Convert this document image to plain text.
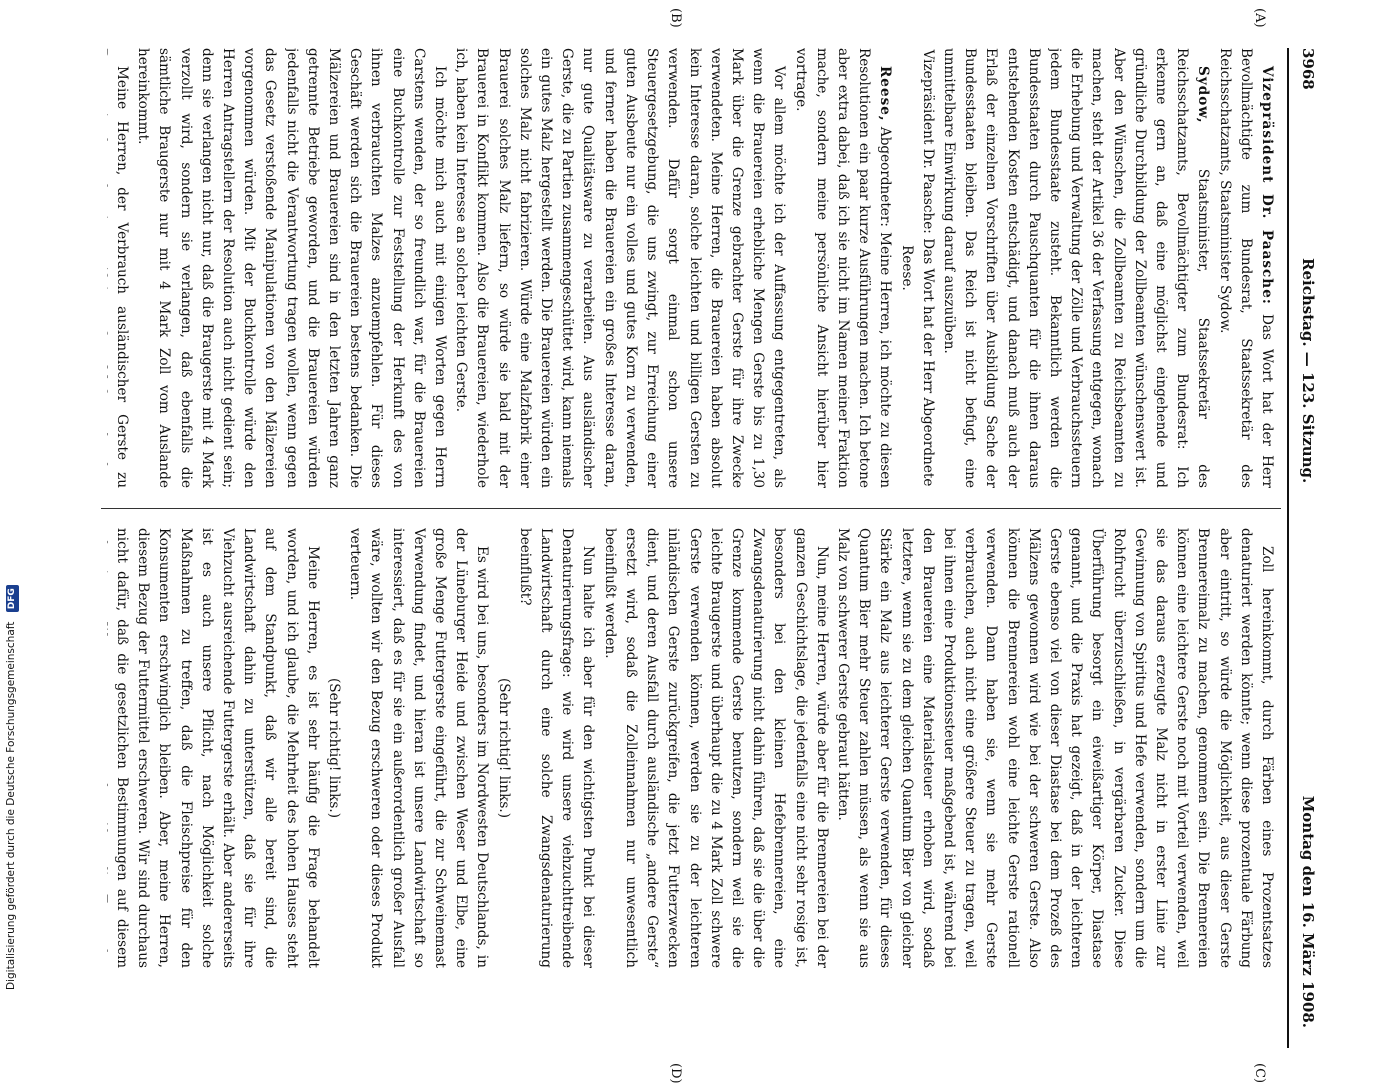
3968
Reichstag. — 123. Sitzung.
Montag den 16. März 1908.
(A)
(B)
(C)
(D)

Vizepräsident Dr. Paasche: Das Wort hat der Herr Bevollmächtigte zum Bundesrat, Staatssekretär des Reichsschatzamts, Staatsminister Sydow.

Sydow, Staatsminister, Staatssekretär des Reichsschatzamts, Bevollmächtigter zum Bundesrat: Ich erkenne gern an, daß eine möglichst eingehende und gründliche Durchbildung der Zollbeamten wünschenswert ist. Aber den Wünschen, die Zollbeamten zu Reichsbeamten zu machen, steht der Artikel 36 der Verfassung entgegen, wonach die Erhebung und Verwaltung der Zölle und Verbrauchssteuern jedem Bundesstaate zusteht. Bekanntlich werden die Bundesstaaten durch Pauschquanten für die ihnen daraus entstehenden Kosten entschädigt, und danach muß auch der Erlaß der einzelnen Vorschriften über Ausbildung Sache der Bundesstaaten bleiben. Das Reich ist nicht befugt, eine unmittelbare Einwirkung darauf auszuüben.

Vizepräsident Dr. Paasche: Das Wort hat der Herr Abgeordnete Reese.

Reese, Abgeordneter: Meine Herren, ich möchte zu diesen Resolutionen ein paar kurze Ausführungen machen. Ich betone aber extra dabei, daß ich sie nicht im Namen meiner Fraktion mache, sondern meine persönliche Ansicht hierüber hier vortrage.

Vor allem möchte ich der Auffassung entgegentreten, als wenn die Brauereien erhebliche Mengen Gerste bis zu 1,30 Mark über die Grenze gebrachter Gerste für ihre Zwecke verwendeten. Meine Herren, die Brauereien haben absolut kein Interesse daran, solche leichten und billigen Gersten zu verwenden. Dafür sorgt einmal schon unsere Steuergesetzgebung, die uns zwingt, zur Erreichung einer guten Ausbeute nur ein volles und gutes Korn zu verwenden, und ferner haben die Brauereien ein großes Interesse daran, nur gute Qualitätsware zu verarbeiten. Aus ausländischer Gerste, die zu Partien zusammengeschüttet wird, kann niemals ein gutes Malz hergestellt werden. Die Brauereien würden ein solches Malz nicht fabrizieren. Würde eine Malzfabrik einer Brauerei solches Malz liefern, so würde sie bald mit der Brauerei in Konflikt kommen. Also die Brauereien, wiederhole ich, haben kein Interesse an solcher leichten Gerste.

Ich möchte mich auch mit einigen Worten gegen Herrn Carstens wenden, der so freundlich war, für die Brauereien eine Buchkontrolle zur Feststellung der Herkunft des von ihnen verbrauchten Malzes anzuempfehlen. Für dieses Geschäft werden sich die Brauereien bestens bedanken. Die Mälzereien und Brauereien sind in den letzten Jahren ganz getrennte Betriebe geworden, und die Brauereien würden jedenfalls nicht die Verantwortung tragen wollen, wenn gegen das Gesetz verstoßende Manipulationen von den Mälzereien vorgenommen würden. Mit der Buchkontrolle würde den Herren Antragstellern der Resolution auch nicht gedient sein; denn sie verlangen nicht nur, daß die Braugerste mit 4 Mark verzollt wird, sondern sie verlangen, daß ebenfalls die sämtliche Braugerste nur mit 4 Mark Zoll vom Auslande hereinkommt.

Meine Herren, der Verbrauch ausländischer Gerste zu

Zoll hereinkommt, durch Färben eines Prozentsatzes denaturiert werden könnte; wenn diese prozentuale Färbung aber eintritt, so würde die Möglichkeit, aus dieser Gerste Brennereimalz zu machen, genommen sein. Die Brennereien können eine leichtere Gerste noch mit Vorteil verwenden, weil sie das daraus erzeugte Malz nicht in erster Linie zur Gewinnung von Spiritus und Hefe verwenden, sondern um die Rohfrucht überzuschließen, in vergärbaren Zucker. Diese Überführung besorgt ein eiweißartiger Körper, Diastase genannt, und die Praxis hat gezeigt, daß in der leichteren Gerste ebenso viel von dieser Diastase bei dem Prozeß des Mälzens gewonnen wird wie bei der schweren Gerste. Also können die Brennereien wohl eine leichte Gerste rationell verwenden. Dann haben sie, wenn sie mehr Gerste verbrauchen, auch nicht eine größere Steuer zu tragen, weil bei ihnen eine Produktionssteuer maßgebend ist, während bei den Brauereien eine Materialsteuer erhoben wird, sodaß letztere, wenn sie zu dem gleichen Quantum Bier von gleicher Stärke ein Malz aus leichterer Gerste verwenden, für dieses Quantum Bier mehr Steuer zahlen müssen, als wenn sie aus Malz von schwerer Gerste gebraut hätten.

Nun, meine Herren, würde aber für die Brennereien bei der ganzen Geschichtslage, die jedenfalls eine nicht sehr rosige ist, besonders bei den kleinen Hefebrennereien, eine Zwangsdenaturierung nicht dahin führen, daß sie die über die Grenze kommende Gerste benutzen, sondern weil sie die leichte Braugerste und überhaupt die zu 4 Mark Zoll schwere Gerste verwenden können, werden sie zu der leichteren inländischen Gerste zurückgreifen, die jetzt Futterzwecken dient, und deren Ausfall durch ausländische „andere Gerste“ ersetzt wird, sodaß die Zolleinnahmen nur unwesentlich beeinflußt werden.

Nun halte ich aber für den wichtigsten Punkt bei dieser Denaturierungsfrage: wie wird unsere viehzuchttreibende Landwirtschaft durch eine solche Zwangsdenaturierung beeinflußt?

(Sehr richtig! links.)

Es wird bei uns, besonders im Nordwesten Deutschlands, in der Lüneburger Heide und zwischen Weser und Elbe, eine große Menge Futtergerste eingeführt, die zur Schweinemast Verwendung findet, und hieran ist unsere Landwirtschaft so interessiert, daß es für sie ein außerordentlich großer Ausfall wäre, wollten wir den Bezug erschweren oder dieses Produkt verteuern.

(Sehr richtig! links.)

Meine Herren, es ist sehr häufig die Frage behandelt worden, und ich glaube, die Mehrheit des hohen Hauses steht auf dem Standpunkt, daß wir alle bereit sind, die Landwirtschaft dahin zu unterstützen, daß sie für ihre Viehzucht ausreichende Futtergerste erhält. Aber andererseits ist es auch unsere Pflicht, nach Möglichkeit solche Maßnahmen zu treffen, daß die Fleischpreise für den Konsumenten erschwinglich bleiben. Aber, meine Herren, diesem Bezug der Futtermittel erschweren. Wir sind durchaus nicht dafür, daß die gesetzlichen Bestimmungen auf diesem

Digitalisierung gefördert durch die Deutsche Forschungsgemeinschaft DFG
